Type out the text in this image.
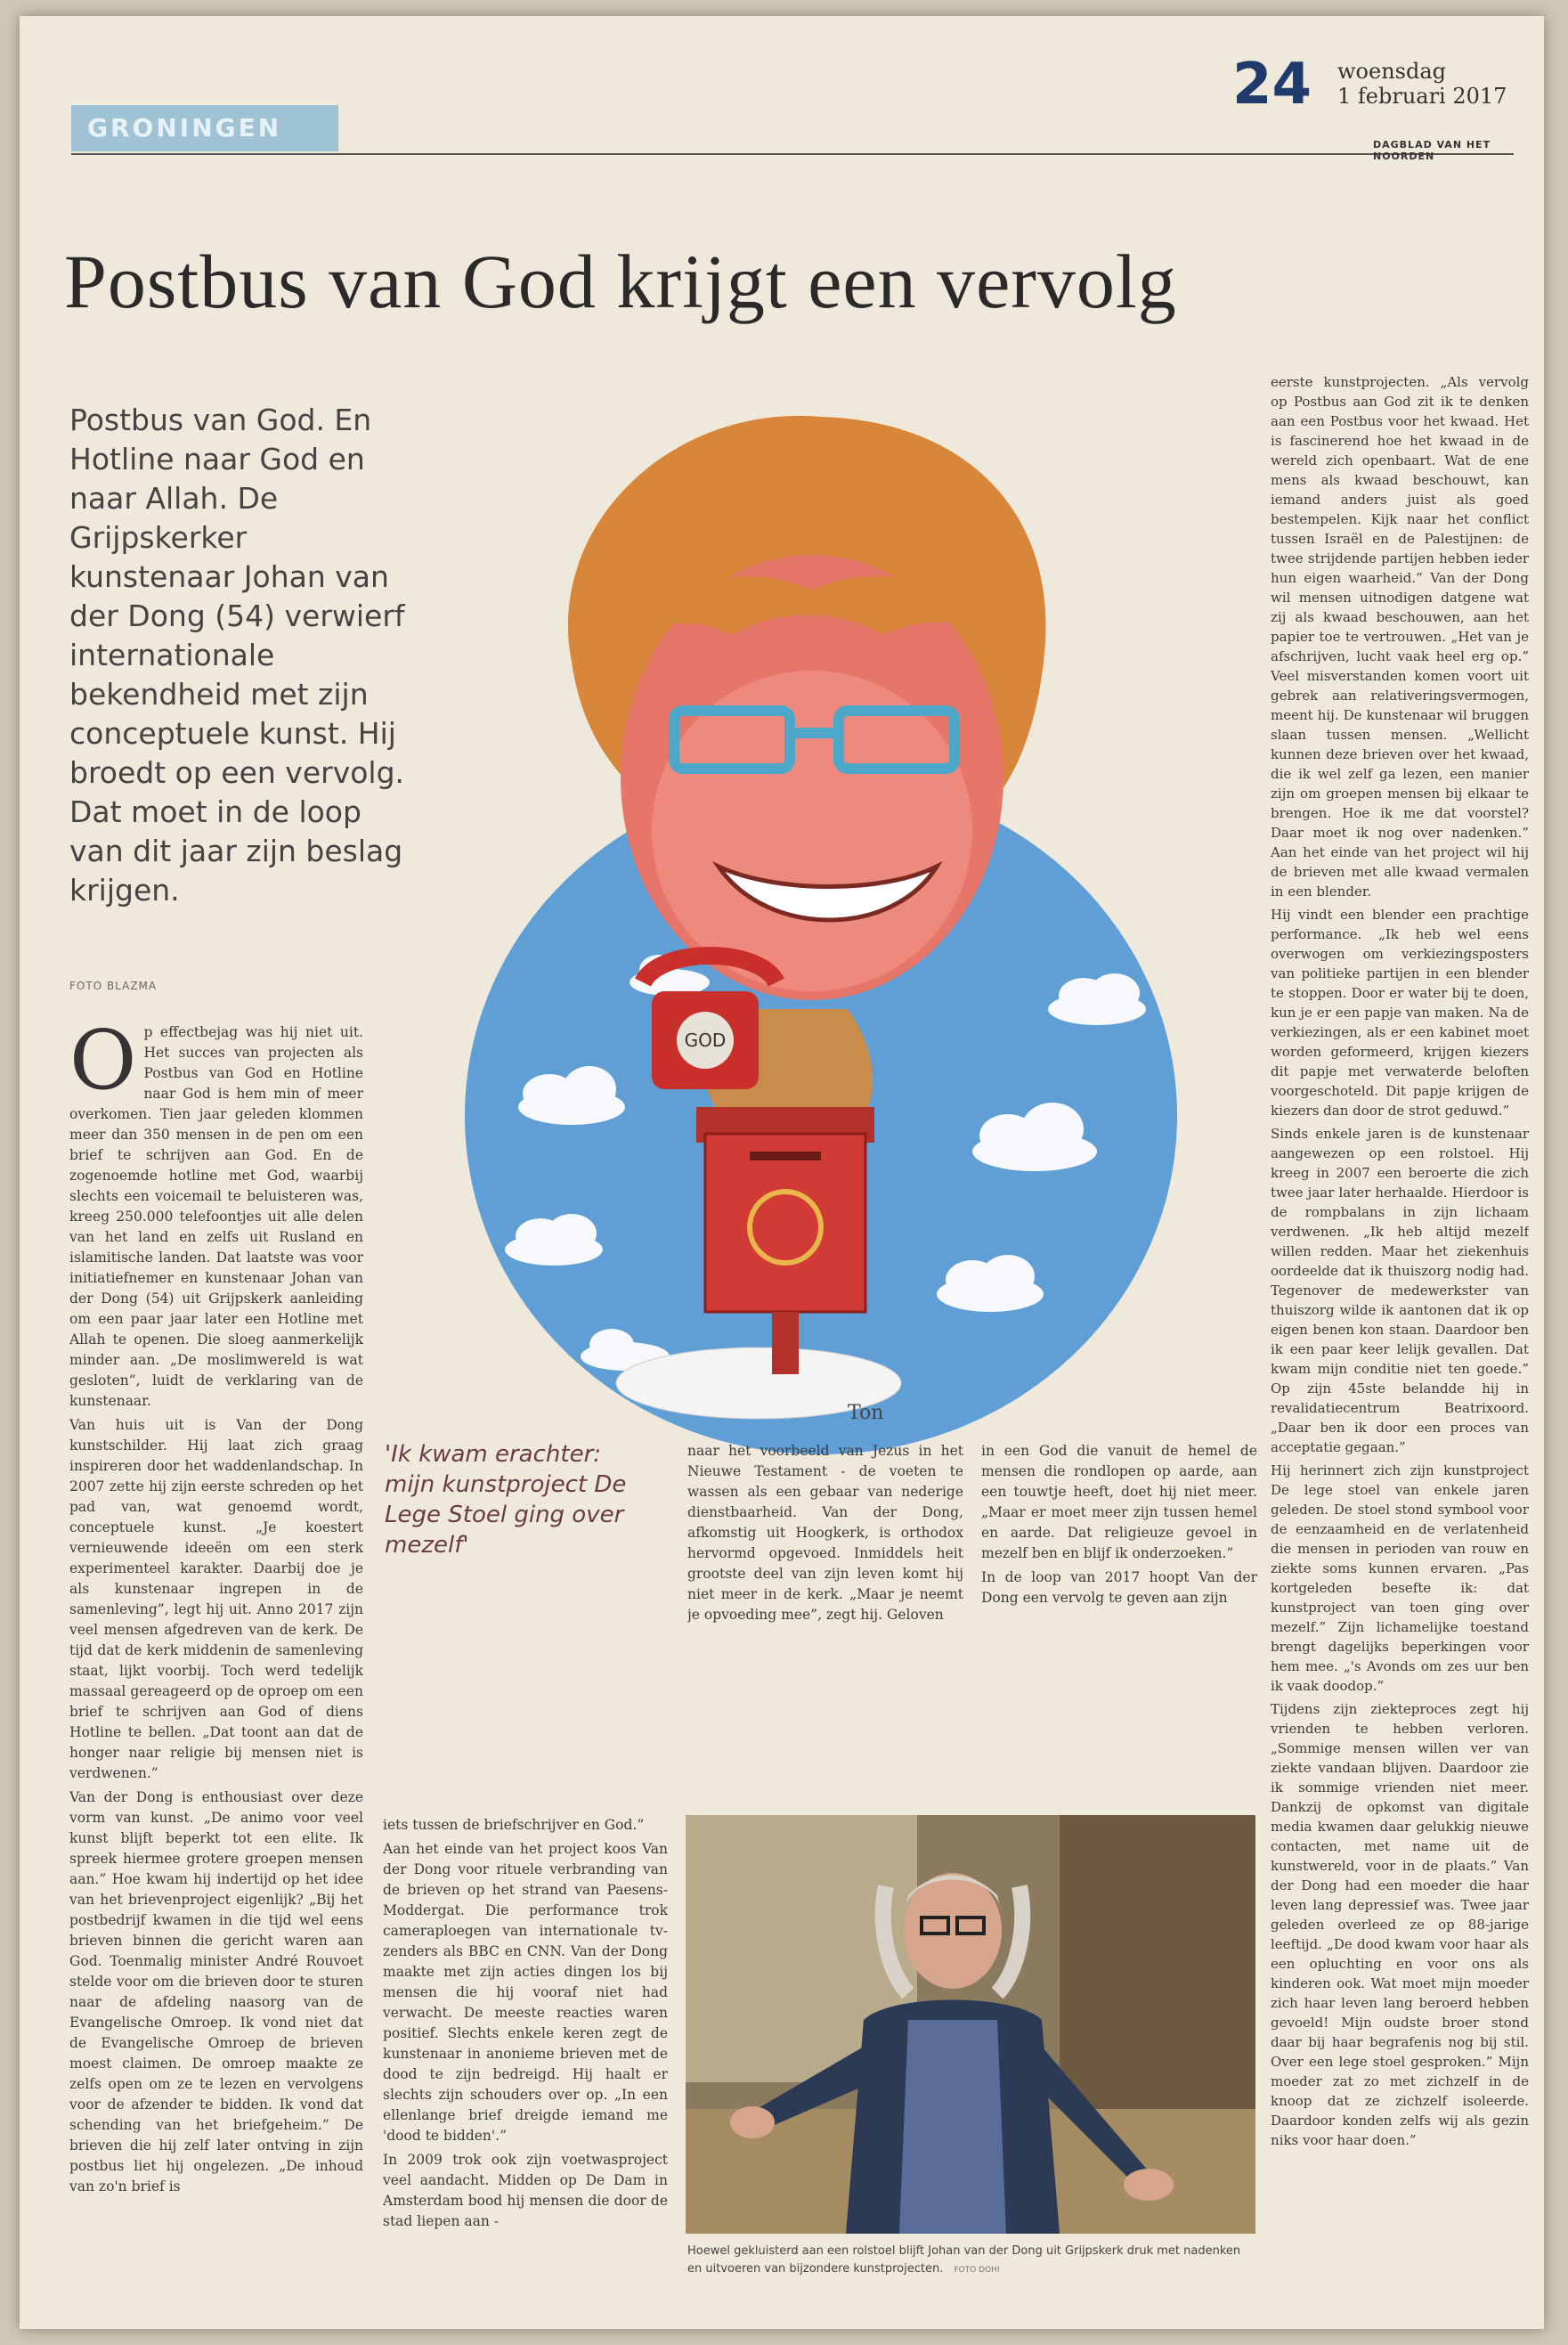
GRONINGEN
24 woensdag
1 februari 2017
DAGBLAD VAN HET NOORDEN
Postbus van God krijgt een vervolg
Postbus van God. En Hotline naar God en naar Allah. De Grijpskerker kunstenaar Johan van der Dong (54) verwierf internationale bekendheid met zijn conceptuele kunst. Hij broedt op een vervolg. Dat moet in de loop van dit jaar zijn beslag krijgen.
FOTO BLAZMA
GOD
Ton
'Ik kwam erachter: mijn kunstproject De Lege Stoel ging over mezelf'

Op effectbejag was hij niet uit. Het succes van projecten als Postbus van God en Hotline naar God is hem min of meer overkomen. Tien jaar geleden klommen meer dan 350 mensen in de pen om een brief te schrijven aan God. En de zogenoemde hotline met God, waarbij slechts een voicemail te beluisteren was, kreeg 250.000 telefoontjes uit alle delen van het land en zelfs uit Rusland en islamitische landen. Dat laatste was voor initiatiefnemer en kunstenaar Johan van der Dong (54) uit Grijpskerk aanleiding om een paar jaar later een Hotline met Allah te openen. Die sloeg aanmerkelijk minder aan. „De moslimwereld is wat gesloten”, luidt de verklaring van de kunstenaar.

Van huis uit is Van der Dong kunstschilder. Hij laat zich graag inspireren door het waddenlandschap. In 2007 zette hij zijn eerste schreden op het pad van, wat genoemd wordt, conceptuele kunst. „Je koestert vernieuwende ideeën om een sterk experimenteel karakter. Daarbij doe je als kunstenaar ingrepen in de samenleving”, legt hij uit. Anno 2017 zijn veel mensen afgedreven van de kerk. De tijd dat de kerk middenin de samenleving staat, lijkt voorbij. Toch werd tedelijk massaal gereageerd op de oproep om een brief te schrijven aan God of diens Hotline te bellen. „Dat toont aan dat de honger naar religie bij mensen niet is verdwenen.”

Van der Dong is enthousiast over deze vorm van kunst. „De animo voor veel kunst blijft beperkt tot een elite. Ik spreek hiermee grotere groepen mensen aan.” Hoe kwam hij indertijd op het idee van het brievenproject eigenlijk? „Bij het postbedrijf kwamen in die tijd wel eens brieven binnen die gericht waren aan God. Toenmalig minister André Rouvoet stelde voor om die brieven door te sturen naar de afdeling naasorg van de Evangelische Omroep. Ik vond niet dat de Evangelische Omroep de brieven moest claimen. De omroep maakte ze zelfs open om ze te lezen en vervolgens voor de afzender te bidden. Ik vond dat schending van het briefgeheim.” De brieven die hij zelf later ontving in zijn postbus liet hij ongelezen. „De inhoud van zo'n brief is

iets tussen de briefschrijver en God.”

Aan het einde van het project koos Van der Dong voor rituele verbranding van de brieven op het strand van Paesens-Moddergat. Die performance trok cameraploegen van internationale tv-zenders als BBC en CNN. Van der Dong maakte met zijn acties dingen los bij mensen die hij vooraf niet had verwacht. De meeste reacties waren positief. Slechts enkele keren zegt de kunstenaar in anonieme brieven met de dood te zijn bedreigd. Hij haalt er slechts zijn schouders over op. „In een ellenlange brief dreigde iemand me 'dood te bidden'.”

In 2009 trok ook zijn voetwasproject veel aandacht. Midden op De Dam in Amsterdam bood hij mensen die door de stad liepen aan -

naar het voorbeeld van Jezus in het Nieuwe Testament - de voeten te wassen als een gebaar van nederige dienstbaarheid. Van der Dong, afkomstig uit Hoogkerk, is orthodox hervormd opgevoed. Inmiddels heit grootste deel van zijn leven komt hij niet meer in de kerk. „Maar je neemt je opvoeding mee”, zegt hij. Geloven

in een God die vanuit de hemel de mensen die rondlopen op aarde, aan een touwtje heeft, doet hij niet meer. „Maar er moet meer zijn tussen hemel en aarde. Dat religieuze gevoel in mezelf ben en blijf ik onderzoeken.”

In de loop van 2017 hoopt Van der Dong een vervolg te geven aan zijn

eerste kunstprojecten. „Als vervolg op Postbus aan God zit ik te denken aan een Postbus voor het kwaad. Het is fascinerend hoe het kwaad in de wereld zich openbaart. Wat de ene mens als kwaad beschouwt, kan iemand anders juist als goed bestempelen. Kijk naar het conflict tussen Israël en de Palestijnen: de twee strijdende partijen hebben ieder hun eigen waarheid.” Van der Dong wil mensen uitnodigen datgene wat zij als kwaad beschouwen, aan het papier toe te vertrouwen. „Het van je afschrijven, lucht vaak heel erg op.” Veel misverstanden komen voort uit gebrek aan relativeringsvermogen, meent hij. De kunstenaar wil bruggen slaan tussen mensen. „Wellicht kunnen deze brieven over het kwaad, die ik wel zelf ga lezen, een manier zijn om groepen mensen bij elkaar te brengen. Hoe ik me dat voorstel? Daar moet ik nog over nadenken.” Aan het einde van het project wil hij de brieven met alle kwaad vermalen in een blender.

Hij vindt een blender een prachtige performance. „Ik heb wel eens overwogen om verkiezingsposters van politieke partijen in een blender te stoppen. Door er water bij te doen, kun je er een papje van maken. Na de verkiezingen, als er een kabinet moet worden geformeerd, krijgen kiezers dit papje met verwaterde beloften voorgeschoteld. Dit papje krijgen de kiezers dan door de strot geduwd.”

Sinds enkele jaren is de kunstenaar aangewezen op een rolstoel. Hij kreeg in 2007 een beroerte die zich twee jaar later herhaalde. Hierdoor is de rompbalans in zijn lichaam verdwenen. „Ik heb altijd mezelf willen redden. Maar het ziekenhuis oordeelde dat ik thuiszorg nodig had. Tegenover de medewerkster van thuiszorg wilde ik aantonen dat ik op eigen benen kon staan. Daardoor ben ik een paar keer lelijk gevallen. Dat kwam mijn conditie niet ten goede.” Op zijn 45ste belandde hij in revalidatiecentrum Beatrixoord. „Daar ben ik door een proces van acceptatie gegaan.”

Hij herinnert zich zijn kunstproject De lege stoel van enkele jaren geleden. De stoel stond symbool voor de eenzaamheid en de verlatenheid die mensen in perioden van rouw en ziekte soms kunnen ervaren. „Pas kortgeleden besefte ik: dat kunstproject van toen ging over mezelf.” Zijn lichamelijke toestand brengt dagelijks beperkingen voor hem mee. „'s Avonds om zes uur ben ik vaak doodop.”

Tijdens zijn ziekteproces zegt hij vrienden te hebben verloren. „Sommige mensen willen ver van ziekte vandaan blijven. Daardoor zie ik sommige vrienden niet meer. Dankzij de opkomst van digitale media kwamen daar gelukkig nieuwe contacten, met name uit de kunstwereld, voor in de plaats.” Van der Dong had een moeder die haar leven lang depressief was. Twee jaar geleden overleed ze op 88-jarige leeftijd. „De dood kwam voor haar als een opluchting en voor ons als kinderen ook. Wat moet mijn moeder zich haar leven lang beroerd hebben gevoeld! Mijn oudste broer stond daar bij haar begrafenis nog bij stil. Over een lege stoel gesproken.” Mijn moeder zat zo met zichzelf in de knoop dat ze zichzelf isoleerde. Daardoor konden zelfs wij als gezin niks voor haar doen.”

Hoewel gekluisterd aan een rolstoel blijft Johan van der Dong uit Grijpskerk druk met nadenken en uitvoeren van bijzondere kunstprojecten. FOTO DOHI
